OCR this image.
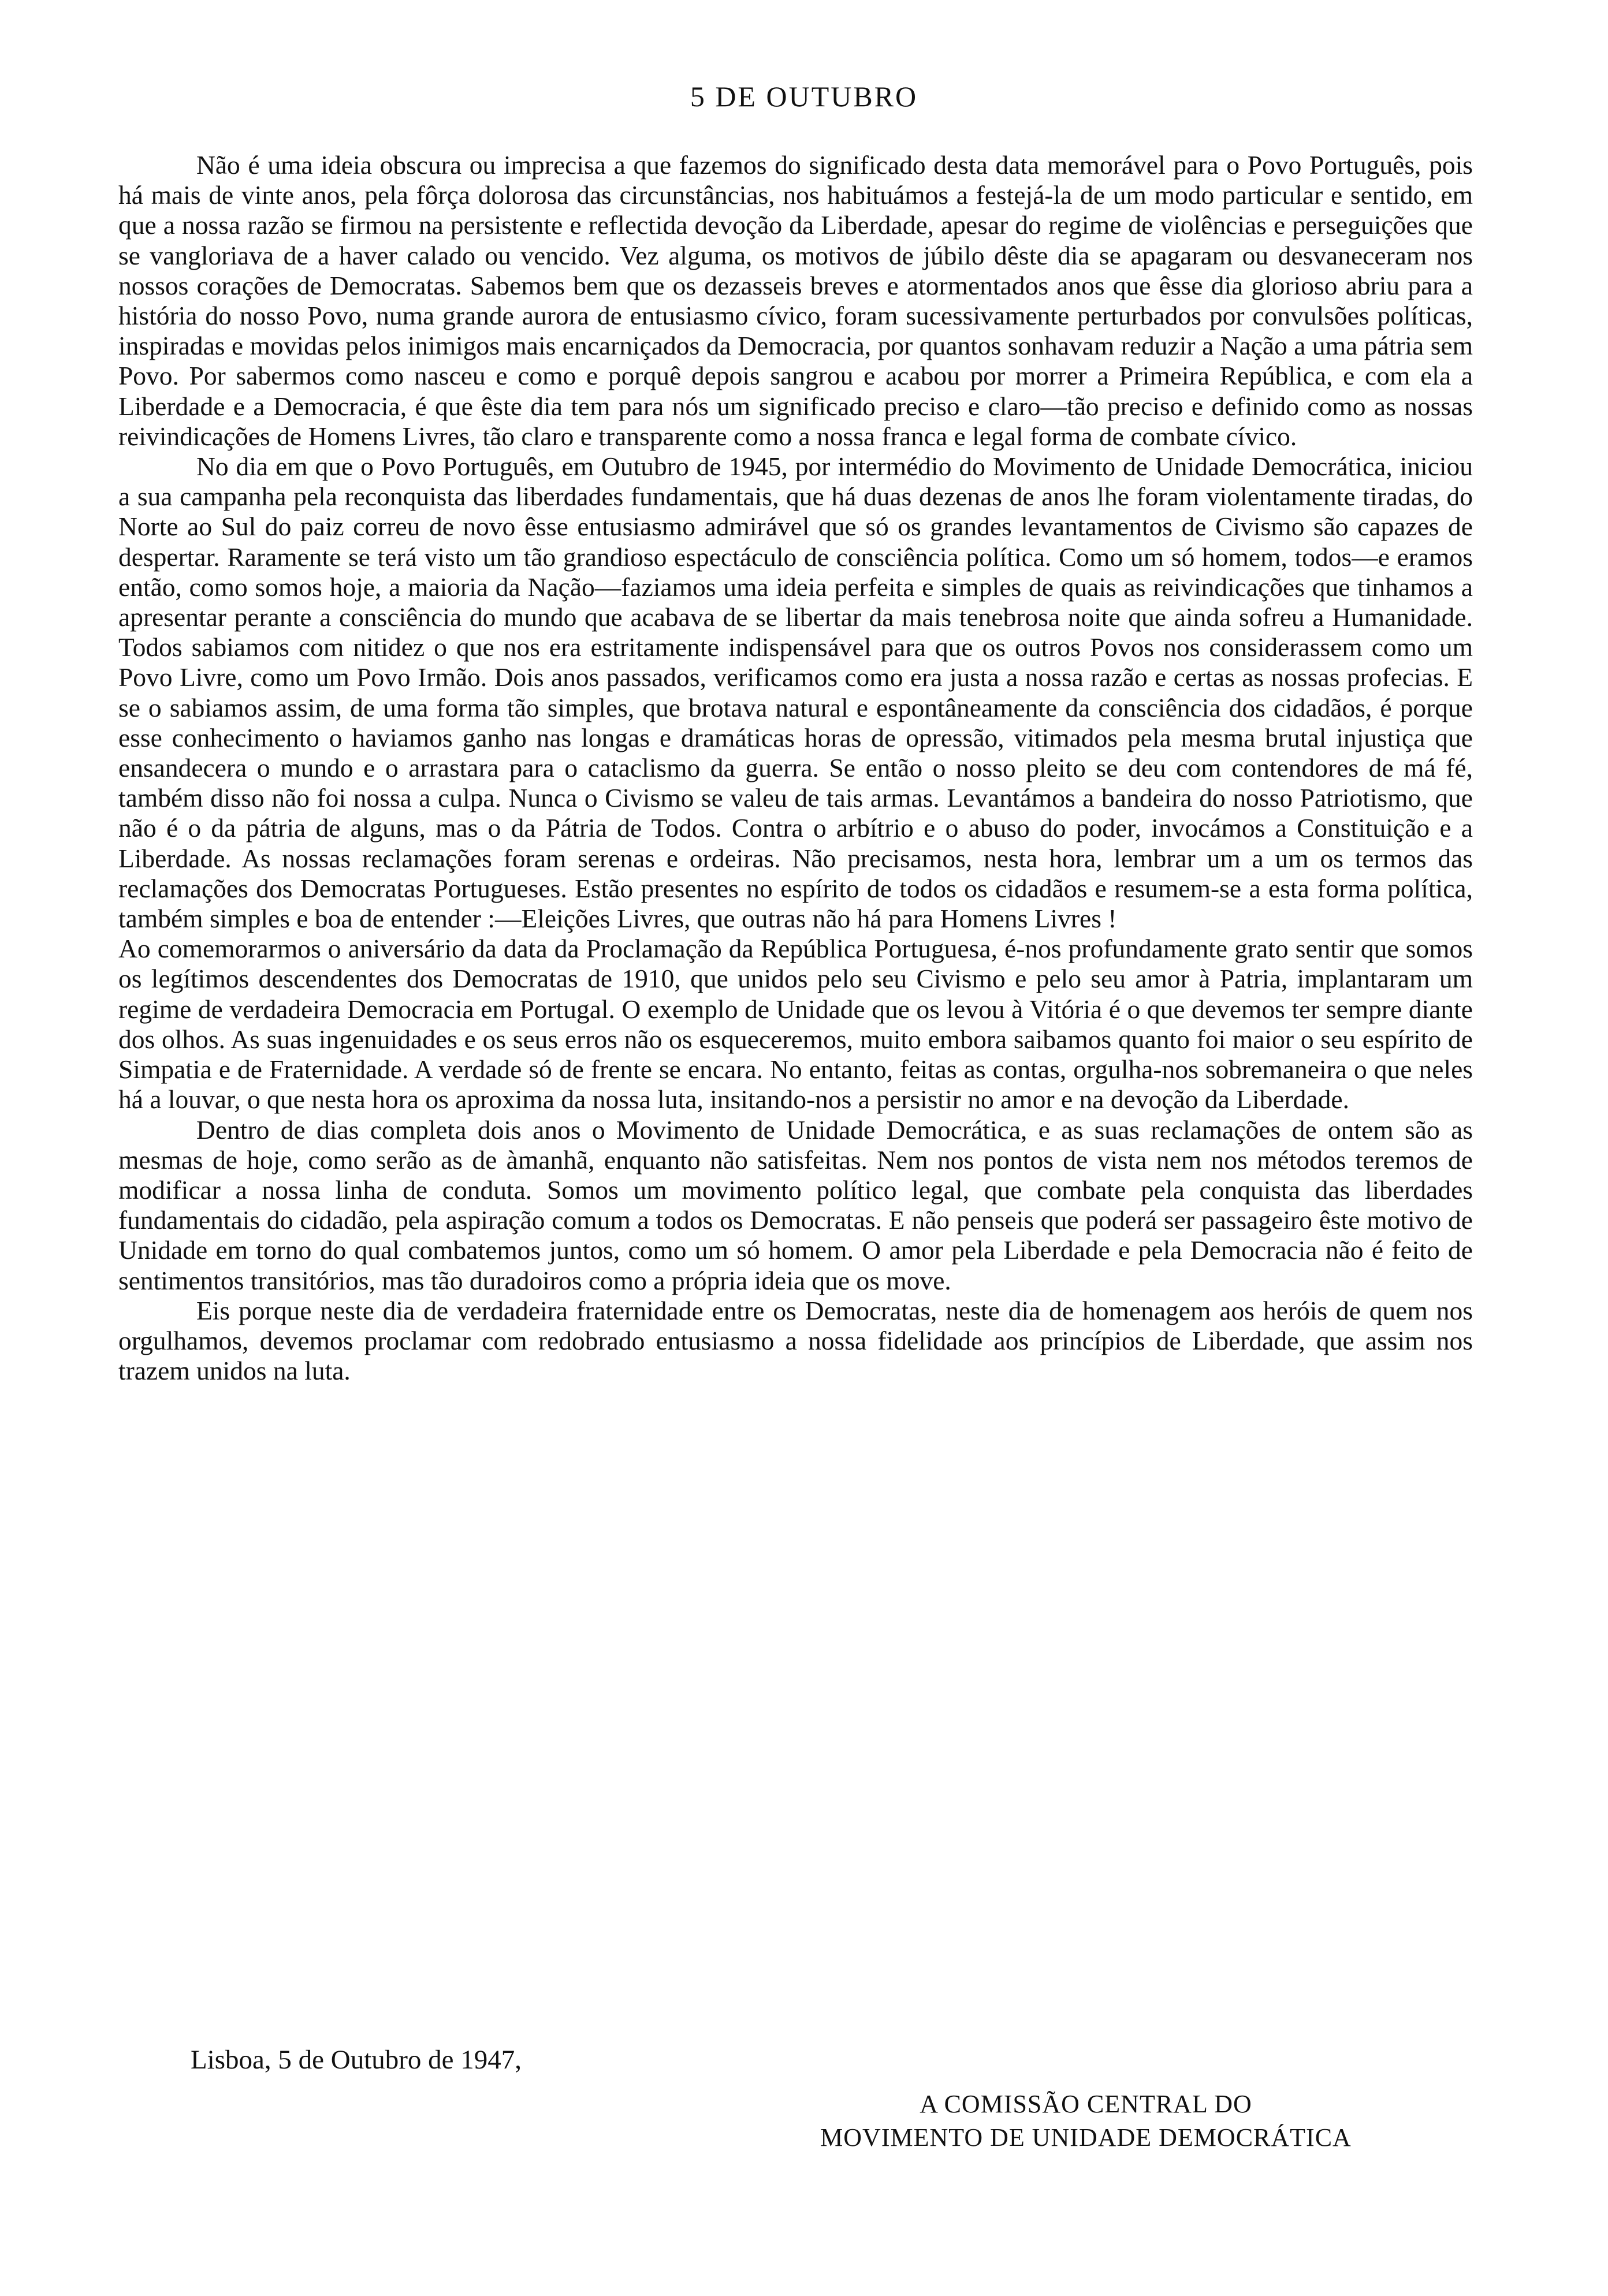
5 DE OUTUBRO

Não é uma ideia obscura ou imprecisa a que fazemos do significado desta data memorável para o Povo Português, pois há mais de vinte anos, pela fôrça dolorosa das circunstâncias, nos habituámos a festejá-la de um modo particular e sentido, em que a nossa razão se firmou na persistente e reflectida devoção da Liberdade, apesar do regime de violências e perseguições que se vangloriava de a haver calado ou vencido. Vez alguma, os motivos de júbilo dêste dia se apagaram ou desvaneceram nos nossos corações de Democratas. Sabemos bem que os dezasseis breves e atormentados anos que êsse dia glorioso abriu para a história do nosso Povo, numa grande aurora de entusiasmo cívico, foram sucessivamente perturbados por convulsões políticas, inspiradas e movidas pelos inimigos mais encarniçados da Democracia, por quantos sonhavam reduzir a Nação a uma pátria sem Povo. Por sabermos como nasceu e como e porquê depois sangrou e acabou por morrer a Primeira República, e com ela a Liberdade e a Democracia, é que êste dia tem para nós um significado preciso e claro—tão preciso e definido como as nossas reivindicações de Homens Livres, tão claro e transparente como a nossa franca e legal forma de combate cívico.

No dia em que o Povo Português, em Outubro de 1945, por intermédio do Movimento de Unidade Democrática, iniciou a sua campanha pela reconquista das liberdades fundamentais, que há duas dezenas de anos lhe foram violentamente tiradas, do Norte ao Sul do paiz correu de novo êsse entusiasmo admirável que só os grandes levantamentos de Civismo são capazes de despertar. Raramente se terá visto um tão grandioso espectáculo de consciência política. Como um só homem, todos—e eramos então, como somos hoje, a maioria da Nação—faziamos uma ideia perfeita e simples de quais as reivindicações que tinhamos a apresentar perante a consciência do mundo que acabava de se libertar da mais tenebrosa noite que ainda sofreu a Humanidade. Todos sabiamos com nitidez o que nos era estritamente indispensável para que os outros Povos nos considerassem como um Povo Livre, como um Povo Irmão. Dois anos passados, verificamos como era justa a nossa razão e certas as nossas profecias. E se o sabiamos assim, de uma forma tão simples, que brotava natural e espontâneamente da consciência dos cidadãos, é porque esse conhecimento o haviamos ganho nas longas e dramáticas horas de opressão, vitimados pela mesma brutal injustiça que ensandecera o mundo e o arrastara para o cataclismo da guerra. Se então o nosso pleito se deu com contendores de má fé, também disso não foi nossa a culpa. Nunca o Civismo se valeu de tais armas. Levantámos a bandeira do nosso Patriotismo, que não é o da pátria de alguns, mas o da Pátria de Todos. Contra o arbítrio e o abuso do poder, invocámos a Constituição e a Liberdade. As nossas reclamações foram serenas e ordeiras. Não precisamos, nesta hora, lembrar um a um os termos das reclamações dos Democratas Portugueses. Estão presentes no espírito de todos os cidadãos e resumem-se a esta forma política, também simples e boa de entender :—Eleições Livres, que outras não há para Homens Livres !

Ao comemorarmos o aniversário da data da Proclamação da República Portuguesa, é-nos profundamente grato sentir que somos os legítimos descendentes dos Democratas de 1910, que unidos pelo seu Civismo e pelo seu amor à Patria, implantaram um regime de verdadeira Democracia em Portugal. O exemplo de Unidade que os levou à Vitória é o que devemos ter sempre diante dos olhos. As suas ingenuidades e os seus erros não os esqueceremos, muito embora saibamos quanto foi maior o seu espírito de Simpatia e de Fraternidade. A verdade só de frente se encara. No entanto, feitas as contas, orgulha-nos sobremaneira o que neles há a louvar, o que nesta hora os aproxima da nossa luta, insitando-nos a persistir no amor e na devoção da Liberdade.

Dentro de dias completa dois anos o Movimento de Unidade Democrática, e as suas reclamações de ontem são as mesmas de hoje, como serão as de àmanhã, enquanto não satisfeitas. Nem nos pontos de vista nem nos métodos teremos de modificar a nossa linha de conduta. Somos um movimento político legal, que combate pela conquista das liberdades fundamentais do cidadão, pela aspiração comum a todos os Democratas. E não penseis que poderá ser passageiro êste motivo de Unidade em torno do qual combatemos juntos, como um só homem. O amor pela Liberdade e pela Democracia não é feito de sentimentos transitórios, mas tão duradoiros como a própria ideia que os move.

Eis porque neste dia de verdadeira fraternidade entre os Democratas, neste dia de homenagem aos heróis de quem nos orgulhamos, devemos proclamar com redobrado entusiasmo a nossa fidelidade aos princípios de Liberdade, que assim nos trazem unidos na luta.

Lisboa, 5 de Outubro de 1947,
A COMISSÃO CENTRAL DO
MOVIMENTO DE UNIDADE DEMOCRÁTICA
